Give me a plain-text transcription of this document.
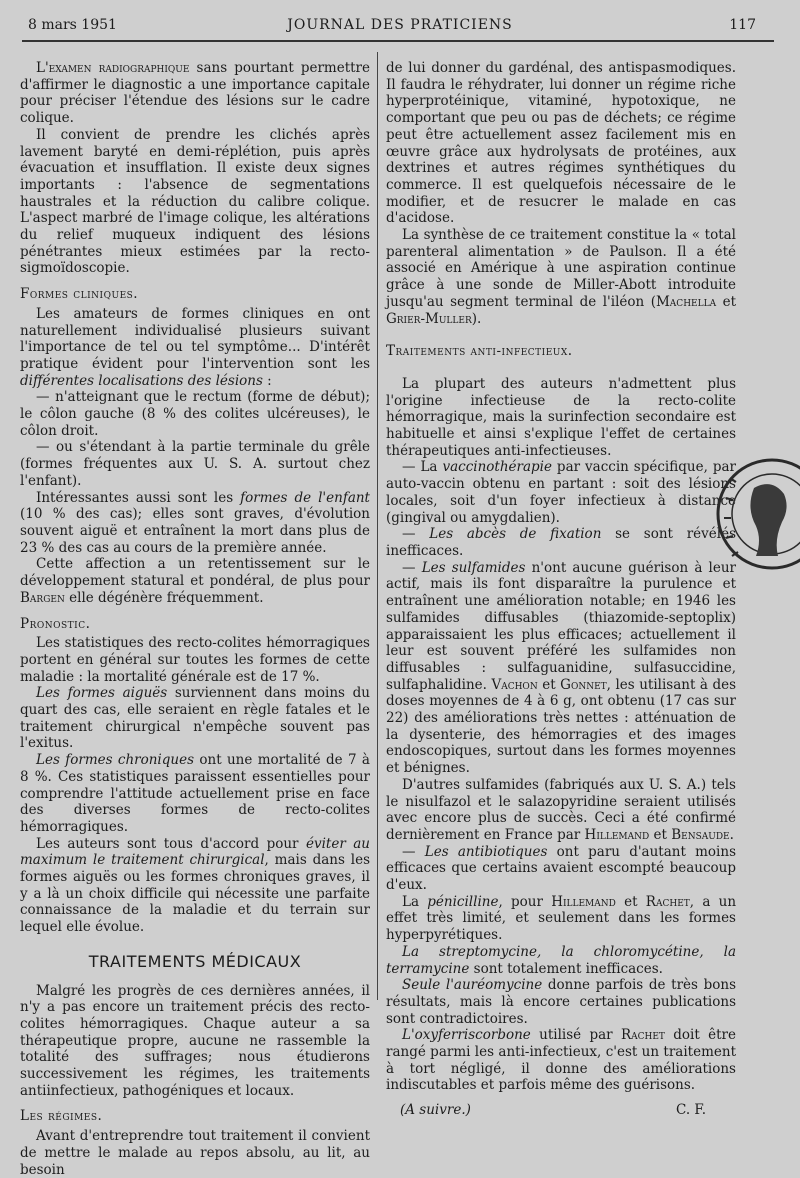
8 mars 1951	JOURNAL DES PRATICIENS	117

L'examen radiographique sans pourtant permettre d'affirmer le diagnostic a une importance capitale pour préciser l'étendue des lésions sur le cadre colique.

Il convient de prendre les clichés après lavement baryté en demi-réplétion, puis après évacuation et insufflation. Il existe deux signes importants : l'absence de segmentations haustrales et la réduction du calibre colique. L'aspect marbré de l'image colique, les altérations du relief muqueux indiquent des lésions pénétrantes mieux estimées par la recto-sigmoïdoscopie.

Formes cliniques.

Les amateurs de formes cliniques en ont naturellement individualisé plusieurs suivant l'importance de tel ou tel symptôme... D'intérêt pratique évident pour l'intervention sont les différentes localisations des lésions :

— n'atteignant que le rectum (forme de début); le côlon gauche (8 % des colites ulcéreuses), le côlon droit.

— ou s'étendant à la partie terminale du grêle (formes fréquentes aux U. S. A. surtout chez l'enfant).

Intéressantes aussi sont les formes de l'enfant (10 % des cas); elles sont graves, d'évolution souvent aiguë et entraînent la mort dans plus de 23 % des cas au cours de la première année.

Cette affection a un retentissement sur le développement statural et pondéral, de plus pour Bargen elle dégénère fréquemment.

Pronostic.

Les statistiques des recto-colites hémorragiques portent en général sur toutes les formes de cette maladie : la mortalité générale est de 17 %.

Les formes aiguës surviennent dans moins du quart des cas, elle seraient en règle fatales et le traitement chirurgical n'empêche souvent pas l'exitus.

Les formes chroniques ont une mortalité de 7 à 8 %. Ces statistiques paraissent essentielles pour comprendre l'attitude actuellement prise en face des diverses formes de recto-colites hémorragiques.

Les auteurs sont tous d'accord pour éviter au maximum le traitement chirurgical, mais dans les formes aiguës ou les formes chroniques graves, il y a là un choix difficile qui nécessite une parfaite connaissance de la maladie et du terrain sur lequel elle évolue.

TRAITEMENTS MÉDICAUX

Malgré les progrès de ces dernières années, il n'y a pas encore un traitement précis des recto-colites hémorragiques. Chaque auteur a sa thérapeutique propre, aucune ne rassemble la totalité des suffrages; nous étudierons successivement les régimes, les traitements antiinfectieux, pathogéniques et locaux.

Les régimes.

Avant d'entreprendre tout traitement il convient de mettre le malade au repos absolu, au lit, au besoin

de lui donner du gardénal, des antispasmodiques. Il faudra le réhydrater, lui donner un régime riche hyperprotéinique, vitaminé, hypotoxique, ne comportant que peu ou pas de déchets; ce régime peut être actuellement assez facilement mis en œuvre grâce aux hydrolysats de protéines, aux dextrines et autres régimes synthétiques du commerce. Il est quelquefois nécessaire de le modifier, et de resucrer le malade en cas d'acidose.

La synthèse de ce traitement constitue la « total parenteral alimentation » de Paulson. Il a été associé en Amérique à une aspiration continue grâce à une sonde de Miller-Abott introduite jusqu'au segment terminal de l'iléon (Machella et Grier-Muller).

Traitements anti-infectieux.

La plupart des auteurs n'admettent plus l'origine infectieuse de la recto-colite hémorragique, mais la surinfection secondaire est habituelle et ainsi s'explique l'effet de certaines thérapeutiques anti-infectieuses.

— La vaccinothérapie par vaccin spécifique, par auto-vaccin obtenu en partant : soit des lésions locales, soit d'un foyer infectieux à distance (gingival ou amygdalien).

— Les abcès de fixation se sont révélés inefficaces.

— Les sulfamides n'ont aucune guérison à leur actif, mais ils font disparaître la purulence et entraînent une amélioration notable; en 1946 les sulfamides diffusables (thiazomide-septoplix) apparaissaient les plus efficaces; actuellement il leur est souvent préféré les sulfamides non diffusables : sulfaguanidine, sulfasuccidine, sulfaphalidine. Vachon et Gonnet, les utilisant à des doses moyennes de 4 à 6 g, ont obtenu (17 cas sur 22) des améliorations très nettes : atténuation de la dysenterie, des hémorragies et des images endoscopiques, surtout dans les formes moyennes et bénignes.

D'autres sulfamides (fabriqués aux U. S. A.) tels le nisulfazol et le salazopyridine seraient utilisés avec encore plus de succès. Ceci a été confirmé dernièrement en France par Hillemand et Bensaude.

— Les antibiotiques ont paru d'autant moins efficaces que certains avaient escompté beaucoup d'eux.

La pénicilline, pour Hillemand et Rachet, a un effet très limité, et seulement dans les formes hyperpyrétiques.

La streptomycine, la chloromycétine, la terramycine sont totalement inefficaces.

Seule l'auréomycine donne parfois de très bons résultats, mais là encore certaines publications sont contradictoires.

L'oxyferriscorbone utilisé par Rachet doit être rangé parmi les anti-infectieux, c'est un traitement à tort négligé, il donne des améliorations indiscutables et parfois même des guérisons.

(A suivre.)	C. F.
